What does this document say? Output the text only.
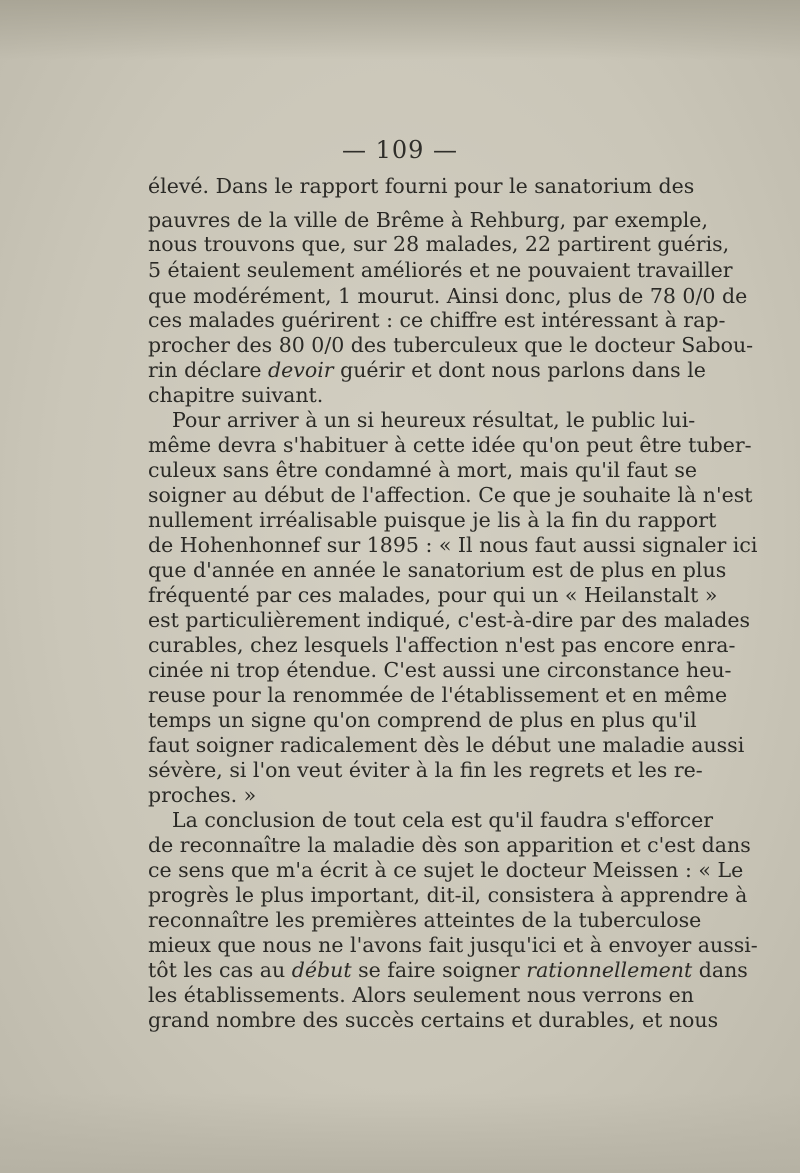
— 109 —
élevé. Dans le rapport fourni pour le sanatorium des
pauvres de la ville de Brême à Rehburg, par exemple,
nous trouvons que, sur 28 malades, 22 partirent guéris,
5 étaient seulement améliorés et ne pouvaient travailler
que modérément, 1 mourut. Ainsi donc, plus de 78 0/0 de
ces malades guérirent : ce chiffre est intéressant à rap-
procher des 80 0/0 des tuberculeux que le docteur Sabou-
rin déclare devoir guérir et dont nous parlons dans le
chapitre suivant.
Pour arriver à un si heureux résultat, le public lui-
même devra s'habituer à cette idée qu'on peut être tuber-
culeux sans être condamné à mort, mais qu'il faut se
soigner au début de l'affection. Ce que je souhaite là n'est
nullement irréalisable puisque je lis à la fin du rapport
de Hohenhonnef sur 1895 : « Il nous faut aussi signaler ici
que d'année en année le sanatorium est de plus en plus
fréquenté par ces malades, pour qui un « Heilanstalt »
est particulièrement indiqué, c'est-à-dire par des malades
curables, chez lesquels l'affection n'est pas encore enra-
cinée ni trop étendue. C'est aussi une circonstance heu-
reuse pour la renommée de l'établissement et en même
temps un signe qu'on comprend de plus en plus qu'il
faut soigner radicalement dès le début une maladie aussi
sévère, si l'on veut éviter à la fin les regrets et les re-
proches. »
La conclusion de tout cela est qu'il faudra s'efforcer
de reconnaître la maladie dès son apparition et c'est dans
ce sens que m'a écrit à ce sujet le docteur Meissen : « Le
progrès le plus important, dit-il, consistera à apprendre à
reconnaître les premières atteintes de la tuberculose
mieux que nous ne l'avons fait jusqu'ici et à envoyer aussi-
tôt les cas au début se faire soigner rationnellement dans
les établissements. Alors seulement nous verrons en
grand nombre des succès certains et durables, et nous
